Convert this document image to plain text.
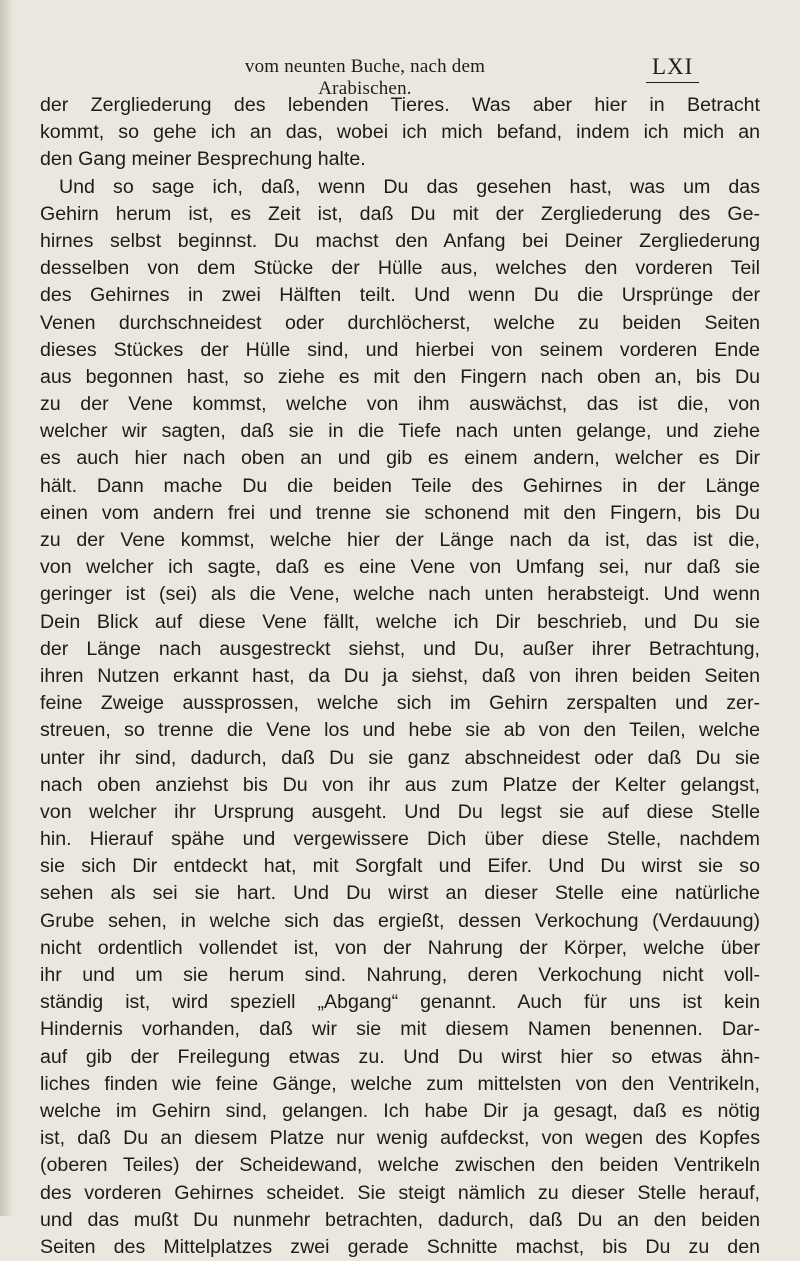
vom neunten Buche, nach dem Arabischen.
LXI
der Zergliederung des lebenden Tieres. Was aber hier in Betracht
kommt, so gehe ich an das, wobei ich mich befand, indem ich mich an
den Gang meiner Besprechung halte.
Und so sage ich, daß, wenn Du das gesehen hast, was um das
Gehirn herum ist, es Zeit ist, daß Du mit der Zergliederung des Ge-
hirnes selbst beginnst. Du machst den Anfang bei Deiner Zergliederung
desselben von dem Stücke der Hülle aus, welches den vorderen Teil
des Gehirnes in zwei Hälften teilt. Und wenn Du die Ursprünge der
Venen durchschneidest oder durchlöcherst, welche zu beiden Seiten
dieses Stückes der Hülle sind, und hierbei von seinem vorderen Ende
aus begonnen hast, so ziehe es mit den Fingern nach oben an, bis Du
zu der Vene kommst, welche von ihm auswächst, das ist die, von
welcher wir sagten, daß sie in die Tiefe nach unten gelange, und ziehe
es auch hier nach oben an und gib es einem andern, welcher es Dir
hält. Dann mache Du die beiden Teile des Gehirnes in der Länge
einen vom andern frei und trenne sie schonend mit den Fingern, bis Du
zu der Vene kommst, welche hier der Länge nach da ist, das ist die,
von welcher ich sagte, daß es eine Vene von Umfang sei, nur daß sie
geringer ist (sei) als die Vene, welche nach unten herabsteigt. Und wenn
Dein Blick auf diese Vene fällt, welche ich Dir beschrieb, und Du sie
der Länge nach ausgestreckt siehst, und Du, außer ihrer Betrachtung,
ihren Nutzen erkannt hast, da Du ja siehst, daß von ihren beiden Seiten
feine Zweige aussprossen, welche sich im Gehirn zerspalten und zer-
streuen, so trenne die Vene los und hebe sie ab von den Teilen, welche
unter ihr sind, dadurch, daß Du sie ganz abschneidest oder daß Du sie
nach oben anziehst bis Du von ihr aus zum Platze der Kelter gelangst,
von welcher ihr Ursprung ausgeht. Und Du legst sie auf diese Stelle
hin. Hierauf spähe und vergewissere Dich über diese Stelle, nachdem
sie sich Dir entdeckt hat, mit Sorgfalt und Eifer. Und Du wirst sie so
sehen als sei sie hart. Und Du wirst an dieser Stelle eine natürliche
Grube sehen, in welche sich das ergießt, dessen Verkochung (Verdauung)
nicht ordentlich vollendet ist, von der Nahrung der Körper, welche über
ihr und um sie herum sind. Nahrung, deren Verkochung nicht voll-
ständig ist, wird speziell „Abgang“ genannt. Auch für uns ist kein
Hindernis vorhanden, daß wir sie mit diesem Namen benennen. Dar-
auf gib der Freilegung etwas zu. Und Du wirst hier so etwas ähn-
liches finden wie feine Gänge, welche zum mittelsten von den Ventrikeln,
welche im Gehirn sind, gelangen. Ich habe Dir ja gesagt, daß es nötig
ist, daß Du an diesem Platze nur wenig aufdeckst, von wegen des Kopfes
(oberen Teiles) der Scheidewand, welche zwischen den beiden Ventrikeln
des vorderen Gehirnes scheidet. Sie steigt nämlich zu dieser Stelle herauf,
und das mußt Du nunmehr betrachten, dadurch, daß Du an den beiden
Seiten des Mittelplatzes zwei gerade Schnitte machst, bis Du zu den
